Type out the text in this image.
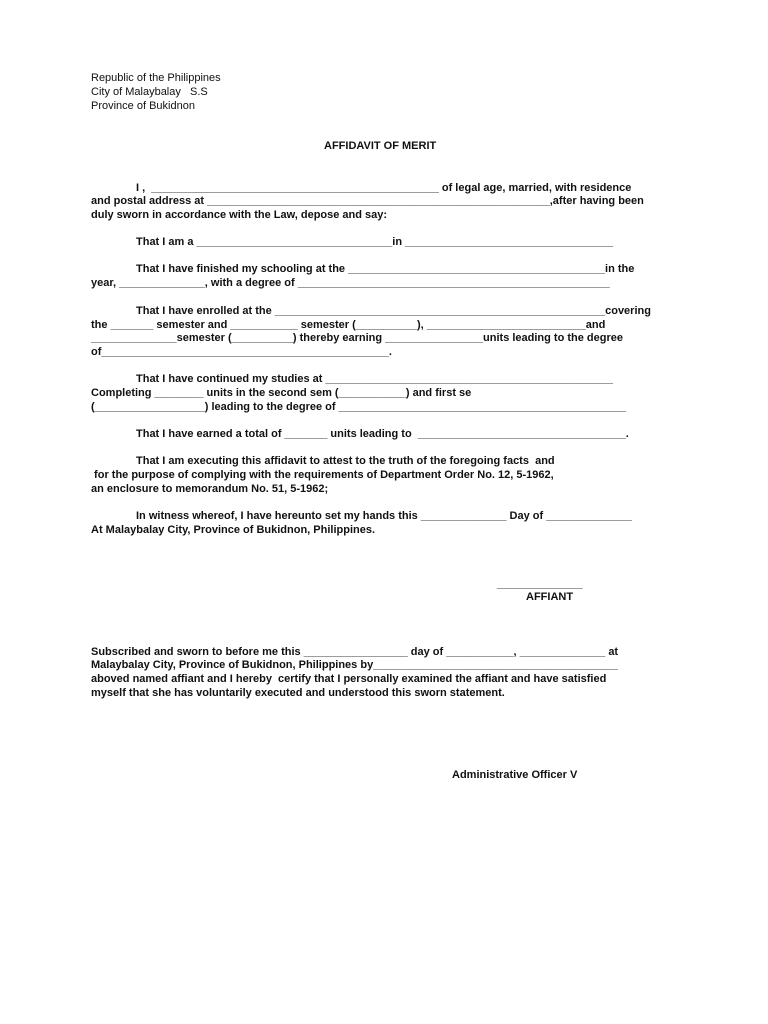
Republic of the Philippines
City of Malaybalay   S.S
Province of Bukidnon
AFFIDAVIT OF MERIT
I ,  _______________________________________________ of legal age, married, with residence
and postal address at ________________________________________________________,after having been
duly sworn in accordance with the Law, depose and say:
That I am a ________________________________in __________________________________
That I have finished my schooling at the __________________________________________in the
year, ______________, with a degree of ___________________________________________________
That I have enrolled at the ______________________________________________________covering
the _______ semester and ___________ semester (__________), __________________________and
______________semester (__________) thereby earning ________________units leading to the degree
of_______________________________________________.
That I have continued my studies at _______________________________________________
Completing ________ units in the second sem (___________) and first se
(__________________) leading to the degree of _______________________________________________
That I have earned a total of _______ units leading to  __________________________________.
That I am executing this affidavit to attest to the truth of the foregoing facts  and
for the purpose of complying with the requirements of Department Order No. 12, 5-1962,
an enclosure to memorandum No. 51, 5-1962;
In witness whereof, I have hereunto set my hands this ______________ Day of ______________
At Malaybalay City, Province of Bukidnon, Philippines.
______________
AFFIANT
Subscribed and sworn to before me this _________________ day of ___________, ______________ at
Malaybalay City, Province of Bukidnon, Philippines by________________________________________
aboved named affiant and I hereby  certify that I personally examined the affiant and have satisfied
myself that she has voluntarily executed and understood this sworn statement.
Administrative Officer V
